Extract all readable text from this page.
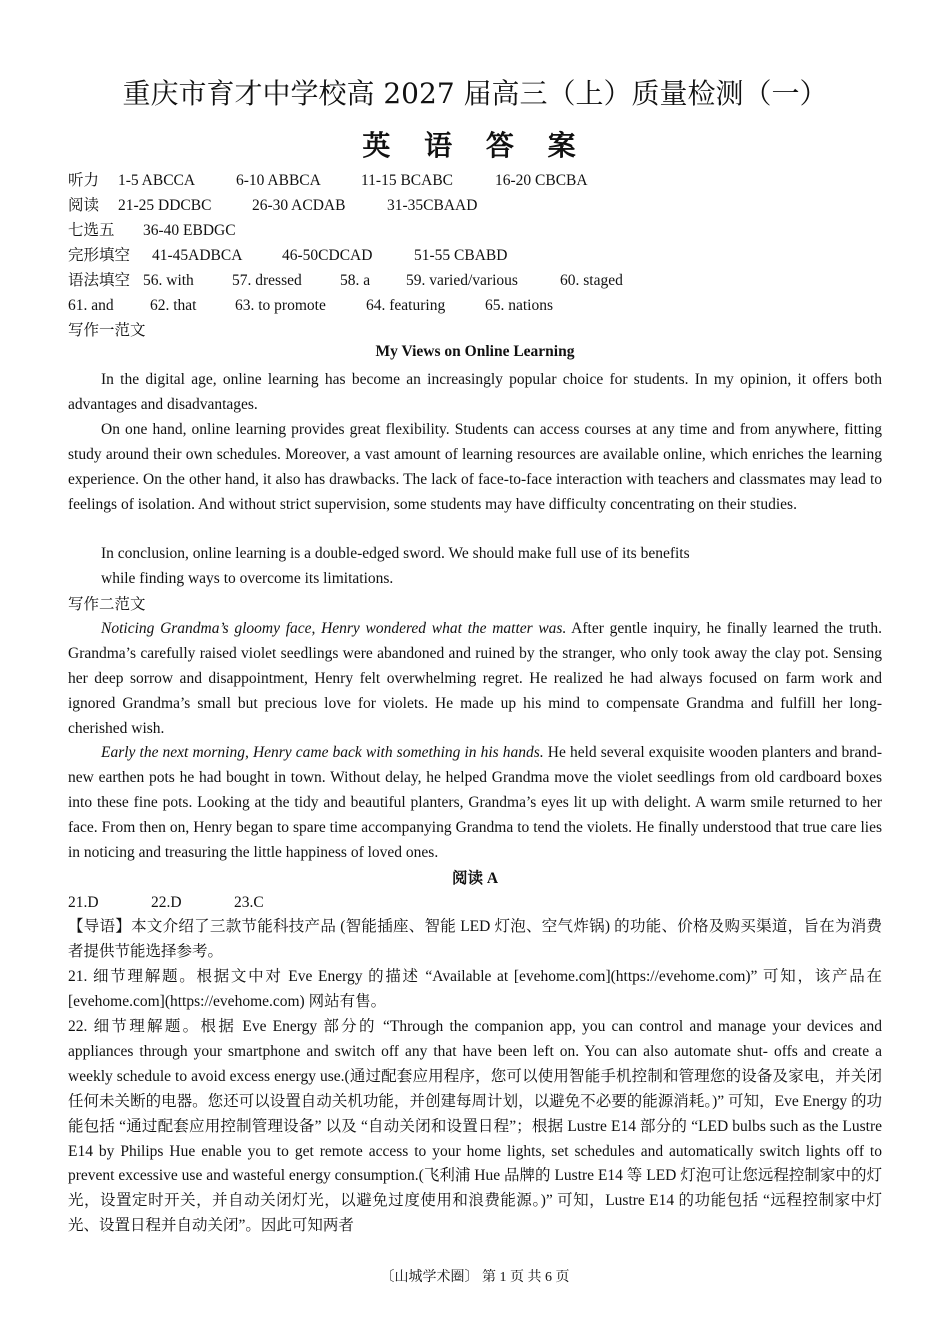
重庆市育才中学校高 2027 届高三（上）质量检测（一）
英 语 答 案
听力 1-5 ABCCA	6-10 ABBCA	11-15 BCABC	16-20 CBCBA
阅读 21-25 DDCBC	26-30 ACDAB	31-35CBAAD
七选五 36-40 EBDGC
完形填空 41-45ADBCA	46-50CDCAD	51-55 CBABD
语法填空 56. with 57. dressed 58. a 59. varied/various	60. staged
61. and 62. that 63. to promote	64. featuring	65. nations
写作一范文
My Views on Online Learning
In the digital age, online learning has become an increasingly popular choice for students. In my opinion, it offers both advantages and disadvantages.
On one hand, online learning provides great flexibility. Students can access courses at any time and from anywhere, fitting study around their own schedules. Moreover, a vast amount of learning resources are available online, which enriches the learning experience. On the other hand, it also has drawbacks. The lack of face-to-face interaction with teachers and classmates may lead to feelings of isolation. And without strict supervision, some students may have difficulty concentrating on their studies.
In conclusion, online learning is a double-edged sword. We should make full use of its benefits
while finding ways to overcome its limitations.
写作二范文
Noticing Grandma’s gloomy face, Henry wondered what the matter was. After gentle inquiry, he finally learned the truth. Grandma’s carefully raised violet seedlings were abandoned and ruined by the stranger, who only took away the clay pot. Sensing her deep sorrow and disappointment, Henry felt overwhelming regret. He realized he had always focused on farm work and ignored Grandma’s small but precious love for violets. He made up his mind to compensate Grandma and fulfill her long-cherished wish.
Early the next morning, Henry came back with something in his hands. He held several exquisite wooden planters and brand-new earthen pots he had bought in town. Without delay, he helped Grandma move the violet seedlings from old cardboard boxes into these fine pots. Looking at the tidy and beautiful planters, Grandma’s eyes lit up with delight. A warm smile returned to her face. From then on, Henry began to spare time accompanying Grandma to tend the violets. He finally understood that true care lies in noticing and treasuring the little happiness of loved ones.
阅读 A
21.D	22.D	23.C
【导语】本文介绍了三款节能科技产品 (智能插座、智能 LED 灯泡、空气炸锅) 的功能、价格及购买渠道，旨在为消费者提供节能选择参考。
21. 细节理解题。根据文中对 Eve Energy 的描述 “Available at [evehome.com](https://evehome.com)” 可知，该产品在[evehome.com](https://evehome.com) 网站有售。
22. 细节理解题。根据 Eve Energy 部分的 “Through the companion app, you can control and manage your devices and appliances through your smartphone and switch off any that have been left on. You can also automate shut- offs and create a weekly schedule to avoid excess energy use.(通过配套应用程序，您可以使用智能手机控制和管理您的设备及家电，并关闭任何未关断的电器。您还可以设置自动关机功能，并创建每周计划，以避免不必要的能源消耗。)” 可知，Eve Energy 的功能包括 “通过配套应用控制管理设备” 以及 “自动关闭和设置日程”；根据 Lustre E14 部分的 “LED bulbs such as the Lustre E14 by Philips Hue enable you to get remote access to your home lights, set schedules and automatically switch lights off to prevent excessive use and wasteful energy consumption.(飞利浦 Hue 品牌的 Lustre E14 等 LED 灯泡可让您远程控制家中的灯光，设置定时开关，并自动关闭灯光，以避免过度使用和浪费能源。)” 可知，Lustre E14 的功能包括 “远程控制家中灯光、设置日程并自动关闭”。因此可知两者
〔山城学术圈〕 第 1 页 共 6 页
